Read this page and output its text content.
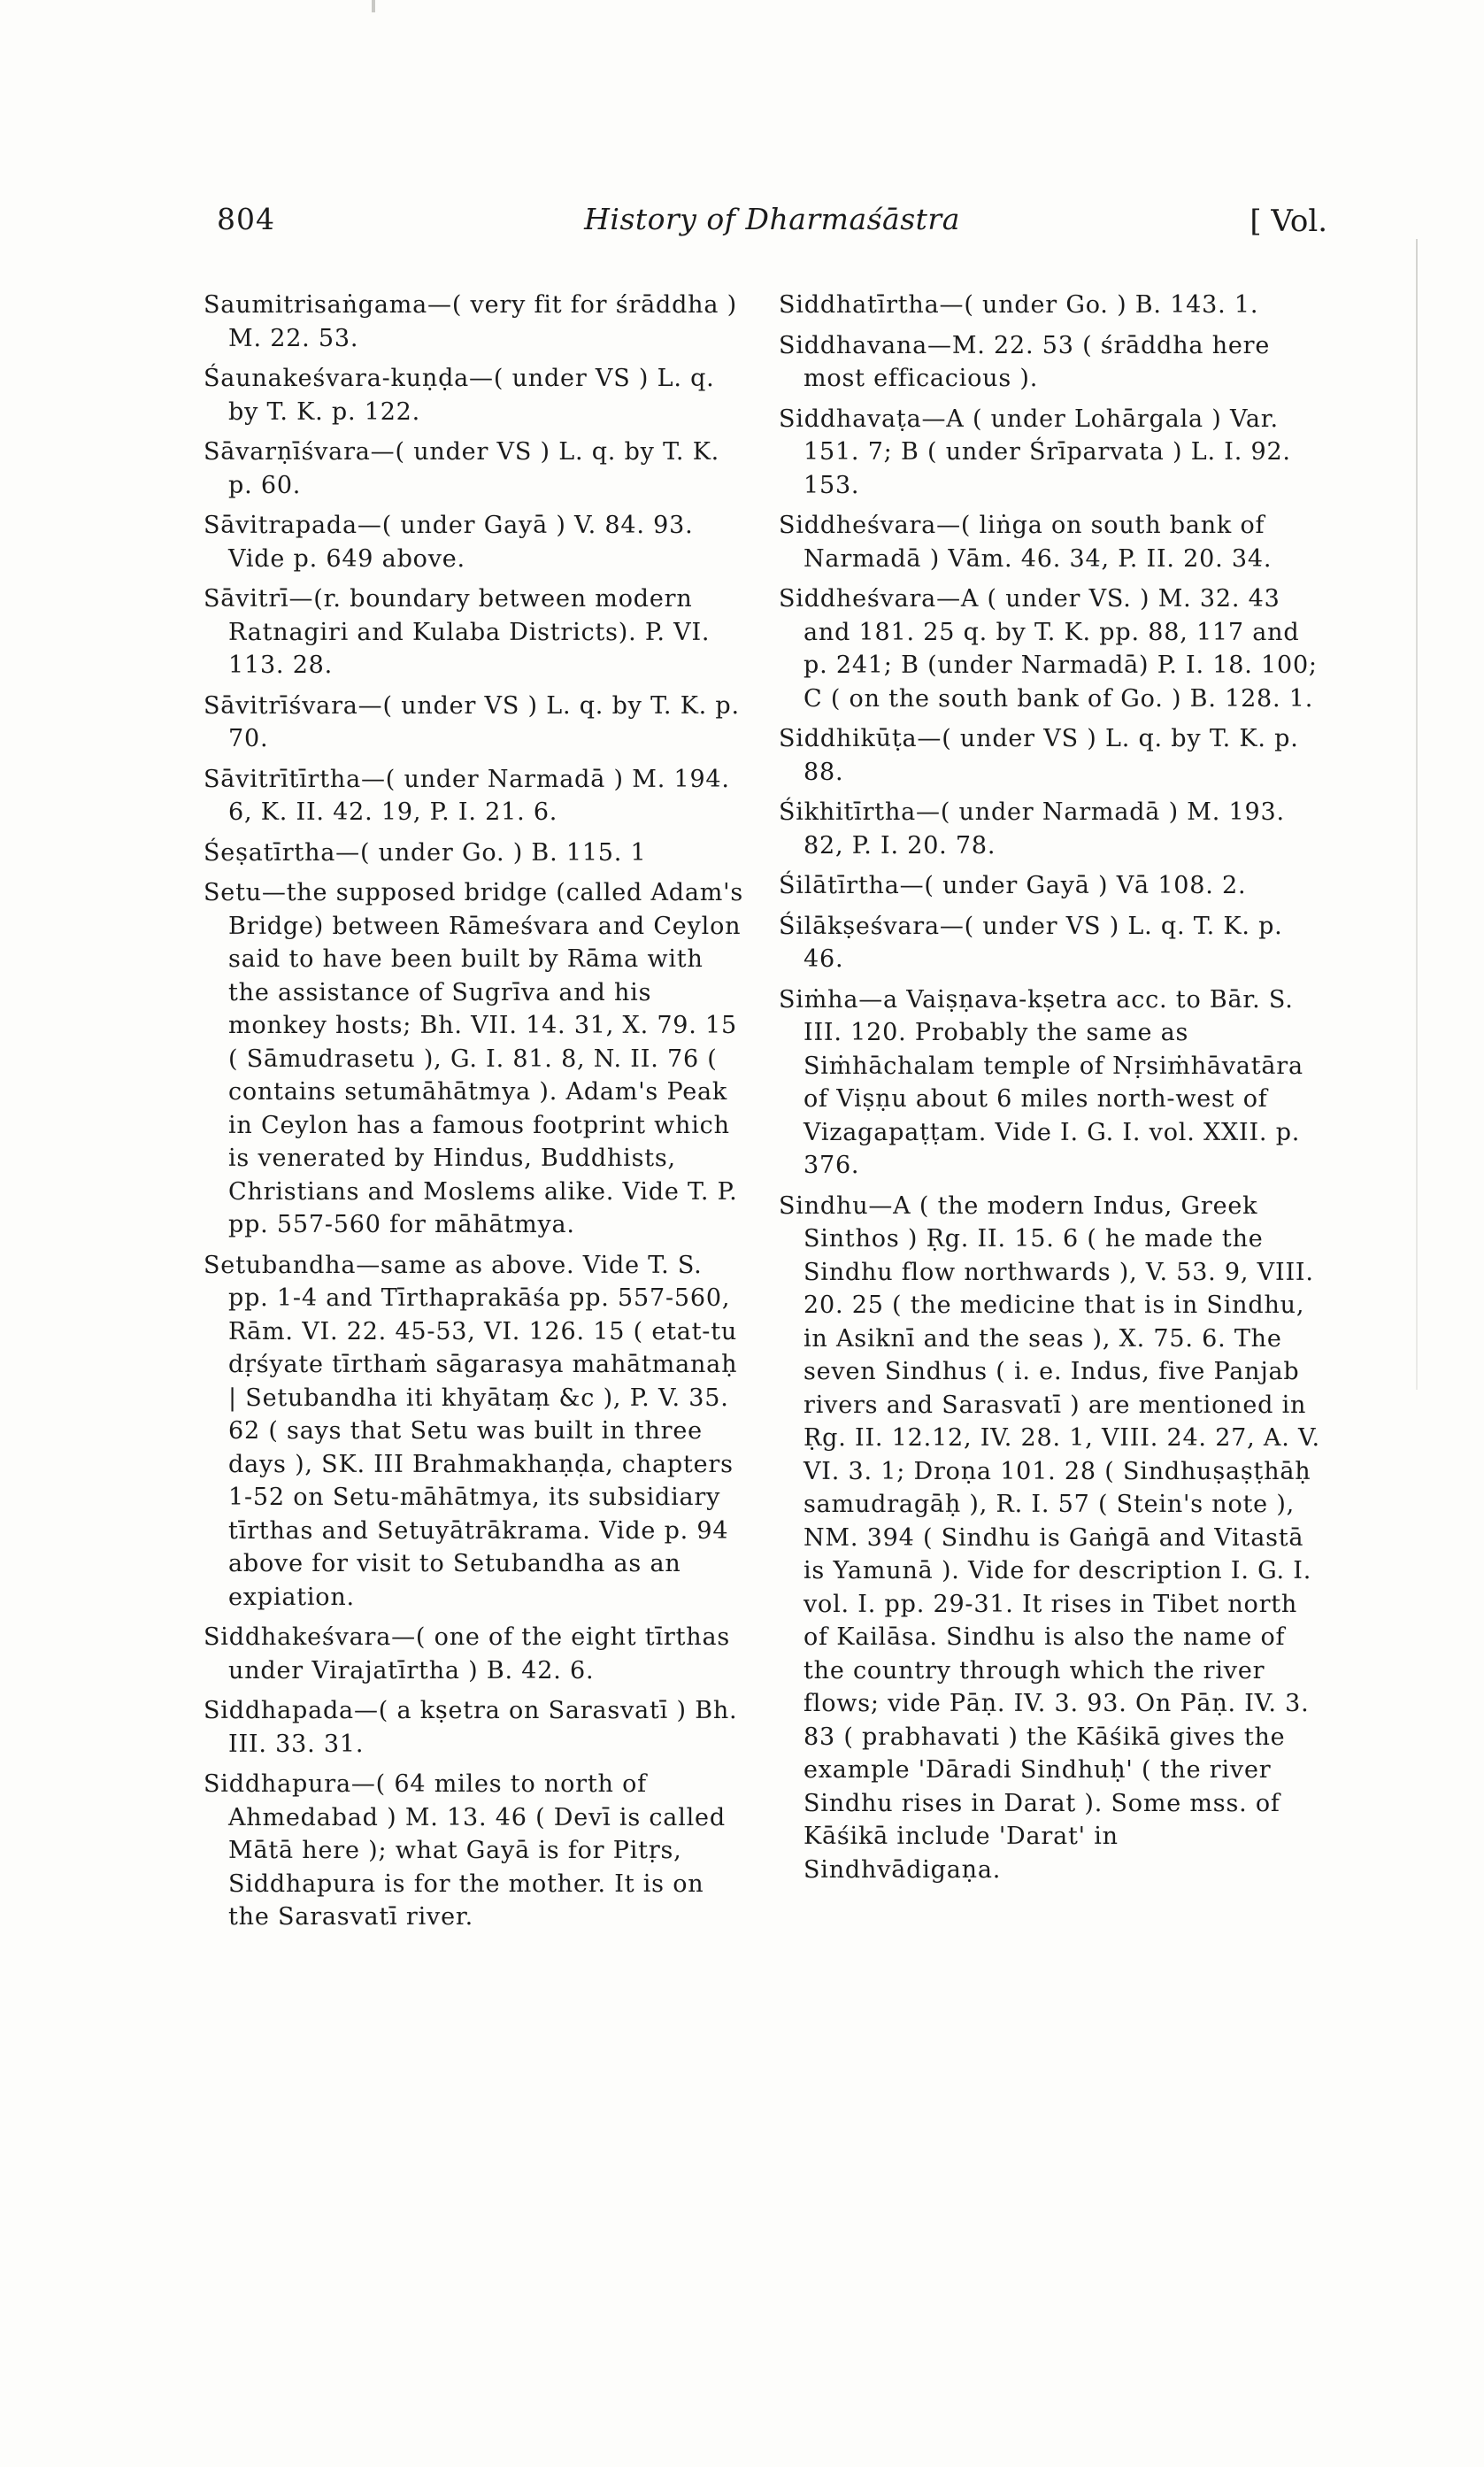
804	History of Dharmaśāstra	[ Vol.

Saumitrisaṅgama—( very fit for śrāddha ) M. 22. 53.

Śaunakeśvara-kuṇḍa—( under VS ) L. q. by T. K. p. 122.

Sāvarṇīśvara—( under VS ) L. q. by T. K. p. 60.

Sāvitrapada—( under Gayā ) V. 84. 93. Vide p. 649 above.

Sāvitrī—(r. boundary between modern Ratnagiri and Kulaba Districts). P. VI. 113. 28.

Sāvitrīśvara—( under VS ) L. q. by T. K. p. 70.

Sāvitrītīrtha—( under Narmadā ) M. 194. 6, K. II. 42. 19, P. I. 21. 6.

Śeṣatīrtha—( under Go. ) B. 115. 1

Setu—the supposed bridge (called Adam's Bridge) between Rāmeśvara and Ceylon said to have been built by Rāma with the assistance of Sugrīva and his monkey hosts; Bh. VII. 14. 31, X. 79. 15 ( Sāmudrasetu ), G. I. 81. 8, N. II. 76 ( contains setumāhātmya ). Adam's Peak in Ceylon has a famous footprint which is venerated by Hindus, Buddhists, Christians and Moslems alike. Vide T. P. pp. 557-560 for māhātmya.

Setubandha—same as above. Vide T. S. pp. 1-4 and Tīrthaprakāśa pp. 557-560, Rām. VI. 22. 45-53, VI. 126. 15 ( etat-tu dṛśyate tīrthaṁ sāgarasya mahātmanaḥ | Setubandha iti khyātaṃ &c ), P. V. 35. 62 ( says that Setu was built in three days ), SK. III Brahmakhaṇḍa, chapters 1-52 on Setu-māhātmya, its subsidiary tīrthas and Setuyātrākrama. Vide p. 94 above for visit to Setubandha as an expiation.

Siddhakeśvara—( one of the eight tīrthas under Virajatīrtha ) B. 42. 6.

Siddhapada—( a kṣetra on Sarasvatī ) Bh. III. 33. 31.

Siddhapura—( 64 miles to north of Ahmedabad ) M. 13. 46 ( Devī is called Mātā here ); what Gayā is for Pitṛs, Siddhapura is for the mother. It is on the Sarasvatī river.

Siddhatīrtha—( under Go. ) B. 143. 1.

Siddhavana—M. 22. 53 ( śrāddha here most efficacious ).

Siddhavaṭa—A ( under Lohārgala ) Var. 151. 7; B ( under Śrīparvata ) L. I. 92. 153.

Siddheśvara—( liṅga on south bank of Narmadā ) Vām. 46. 34, P. II. 20. 34.

Siddheśvara—A ( under VS. ) M. 32. 43 and 181. 25 q. by T. K. pp. 88, 117 and p. 241; B (under Narmadā) P. I. 18. 100; C ( on the south bank of Go. ) B. 128. 1.

Siddhikūṭa—( under VS ) L. q. by T. K. p. 88.

Śikhitīrtha—( under Narmadā ) M. 193. 82, P. I. 20. 78.

Śilātīrtha—( under Gayā ) Vā 108. 2.

Śilākṣeśvara—( under VS ) L. q. T. K. p. 46.

Siṁha—a Vaiṣṇava-kṣetra acc. to Bār. S. III. 120. Probably the same as Siṁhāchalam temple of Nṛsiṁhāvatāra of Viṣṇu about 6 miles north-west of Vizagapaṭṭam. Vide I. G. I. vol. XXII. p. 376.

Sindhu—A ( the modern Indus, Greek Sinthos ) Ṛg. II. 15. 6 ( he made the Sindhu flow northwards ), V. 53. 9, VIII. 20. 25 ( the medicine that is in Sindhu, in Asiknī and the seas ), X. 75. 6. The seven Sindhus ( i. e. Indus, five Panjab rivers and Sarasvatī ) are mentioned in Ṛg. II. 12.12, IV. 28. 1, VIII. 24. 27, A. V. VI. 3. 1; Droṇa 101. 28 ( Sindhuṣaṣṭhāḥ samudragāḥ ), R. I. 57 ( Stein's note ), NM. 394 ( Sindhu is Gaṅgā and Vitastā is Yamunā ). Vide for description I. G. I. vol. I. pp. 29-31. It rises in Tibet north of Kailāsa. Sindhu is also the name of the country through which the river flows; vide Pāṇ. IV. 3. 93. On Pāṇ. IV. 3. 83 ( prabhavati ) the Kāśikā gives the example 'Dāradi Sindhuḥ' ( the river Sindhu rises in Darat ). Some mss. of Kāśikā include 'Darat' in Sindhvādigaṇa.
